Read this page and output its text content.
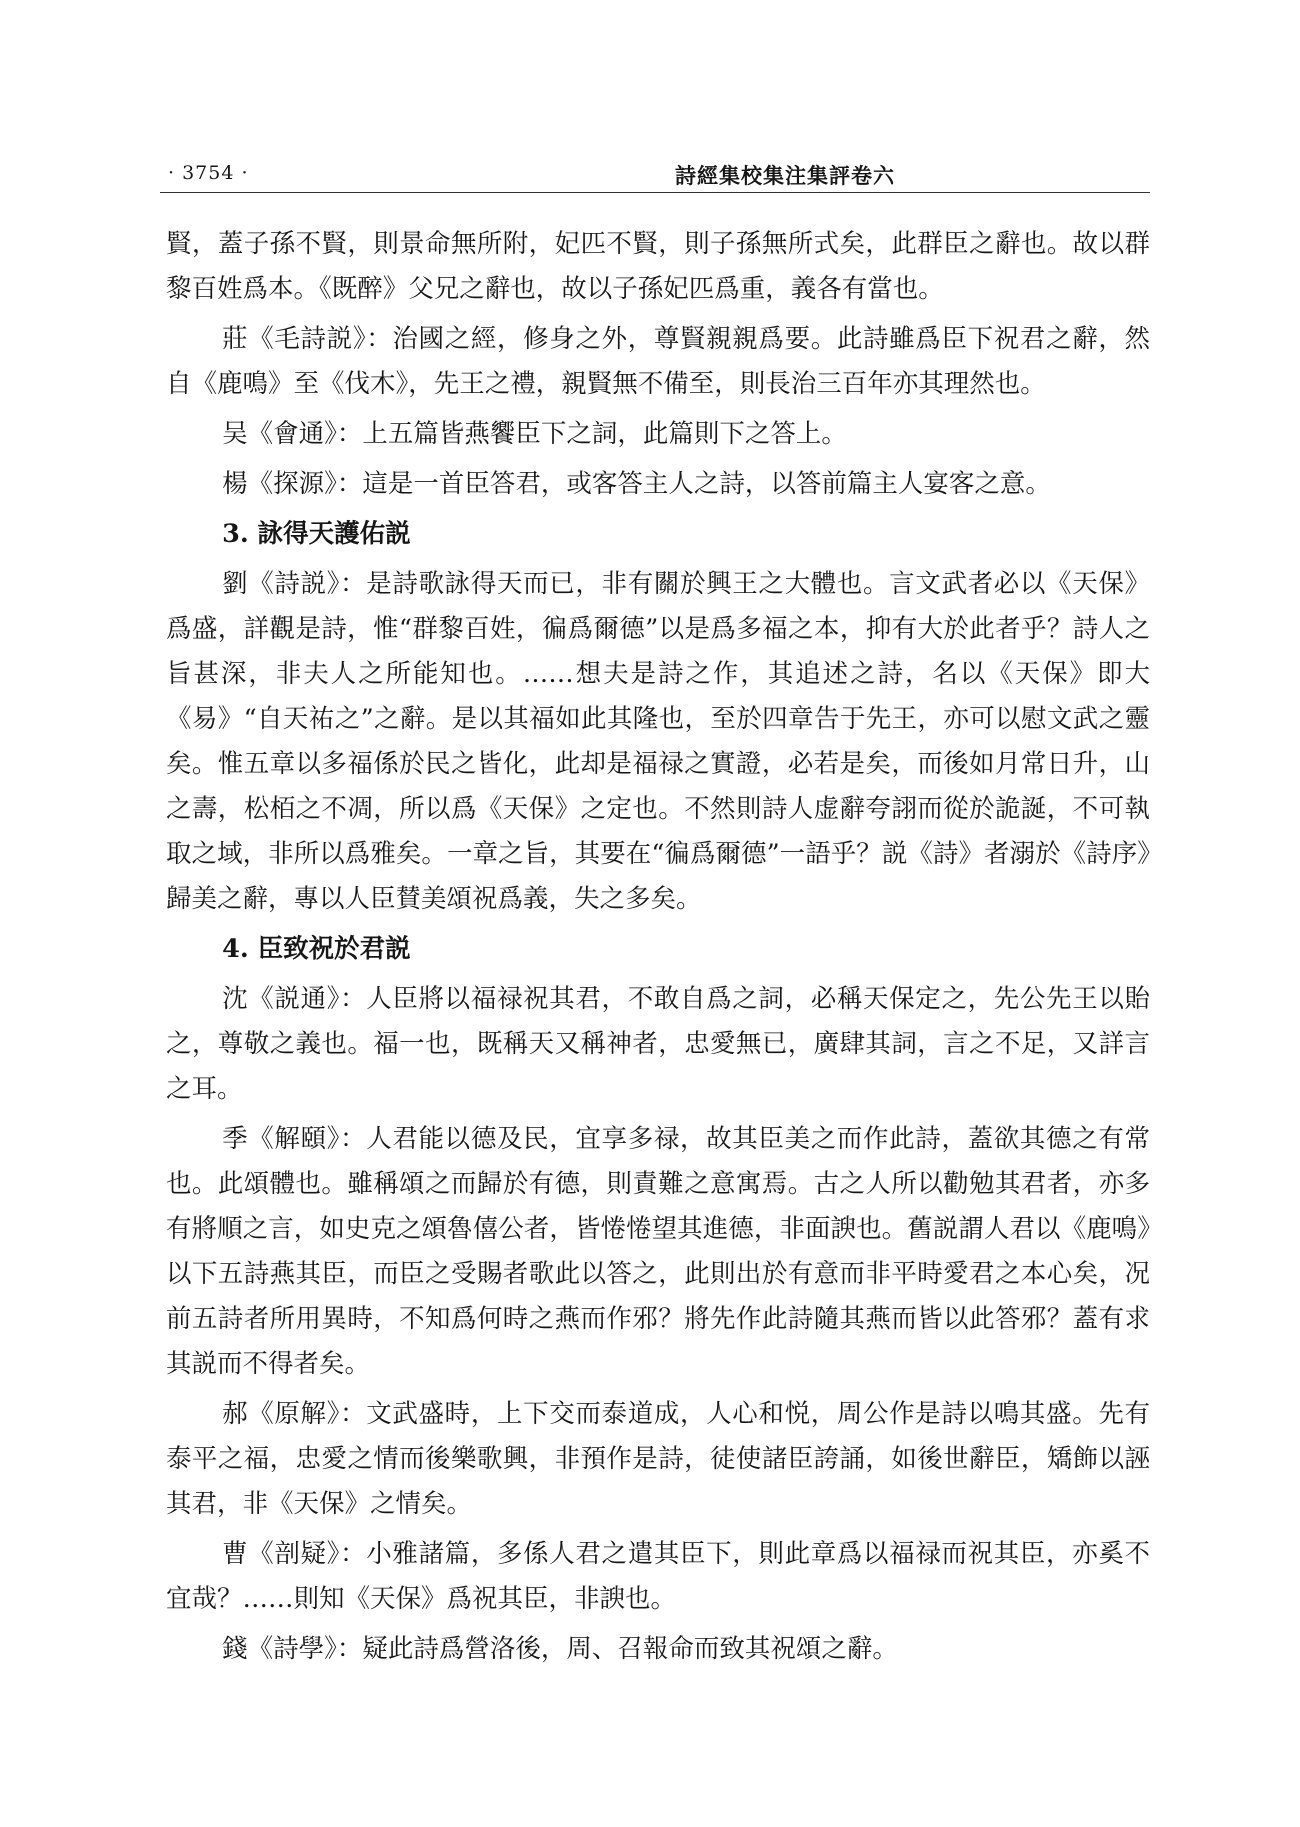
· 3754 ·	詩經集校集注集評卷六

賢，蓋子孫不賢，則景命無所附，妃匹不賢，則子孫無所式矣，此群臣之辭也。故以群黎百姓爲本。《既醉》父兄之辭也，故以子孫妃匹爲重，義各有當也。

莊《毛詩説》：治國之經，修身之外，尊賢親親爲要。此詩雖爲臣下祝君之辭，然自《鹿鳴》至《伐木》，先王之禮，親賢無不備至，則長治三百年亦其理然也。

吴《會通》：上五篇皆燕饗臣下之詞，此篇則下之答上。

楊《探源》：這是一首臣答君，或客答主人之詩，以答前篇主人宴客之意。

3. 詠得天護佑説

劉《詩説》：是詩歌詠得天而已，非有關於興王之大體也。言文武者必以《天保》爲盛，詳觀是詩，惟“群黎百姓，徧爲爾德”以是爲多福之本，抑有大於此者乎？詩人之旨甚深，非夫人之所能知也。……想夫是詩之作，其追述之詩，名以《天保》即大《易》“自天祐之”之辭。是以其福如此其隆也，至於四章告于先王，亦可以慰文武之靈矣。惟五章以多福係於民之皆化，此却是福禄之實證，必若是矣，而後如月常日升，山之壽，松栢之不凋，所以爲《天保》之定也。不然則詩人虚辭夸詡而從於詭誕，不可執取之域，非所以爲雅矣。一章之旨，其要在“徧爲爾德”一語乎？説《詩》者溺於《詩序》歸美之辭，專以人臣賛美頌祝爲義，失之多矣。

4. 臣致祝於君説

沈《説通》：人臣將以福禄祝其君，不敢自爲之詞，必稱天保定之，先公先王以貽之，尊敬之義也。福一也，既稱天又稱神者，忠愛無已，廣肆其詞，言之不足，又詳言之耳。

季《解頤》：人君能以德及民，宜享多禄，故其臣美之而作此詩，蓋欲其德之有常也。此頌體也。雖稱頌之而歸於有德，則責難之意寓焉。古之人所以勸勉其君者，亦多有將順之言，如史克之頌魯僖公者，皆惓惓望其進德，非面諛也。舊説謂人君以《鹿鳴》以下五詩燕其臣，而臣之受賜者歌此以答之，此則出於有意而非平時愛君之本心矣，况前五詩者所用異時，不知爲何時之燕而作邪？將先作此詩隨其燕而皆以此答邪？蓋有求其説而不得者矣。

郝《原解》：文武盛時，上下交而泰道成，人心和悦，周公作是詩以鳴其盛。先有泰平之福，忠愛之情而後樂歌興，非預作是詩，徒使諸臣誇誦，如後世辭臣，矯飾以誣其君，非《天保》之情矣。

曹《剖疑》：小雅諸篇，多係人君之遣其臣下，則此章爲以福禄而祝其臣，亦奚不宜哉？……則知《天保》爲祝其臣，非諛也。

錢《詩學》：疑此詩爲營洛後，周、召報命而致其祝頌之辭。
